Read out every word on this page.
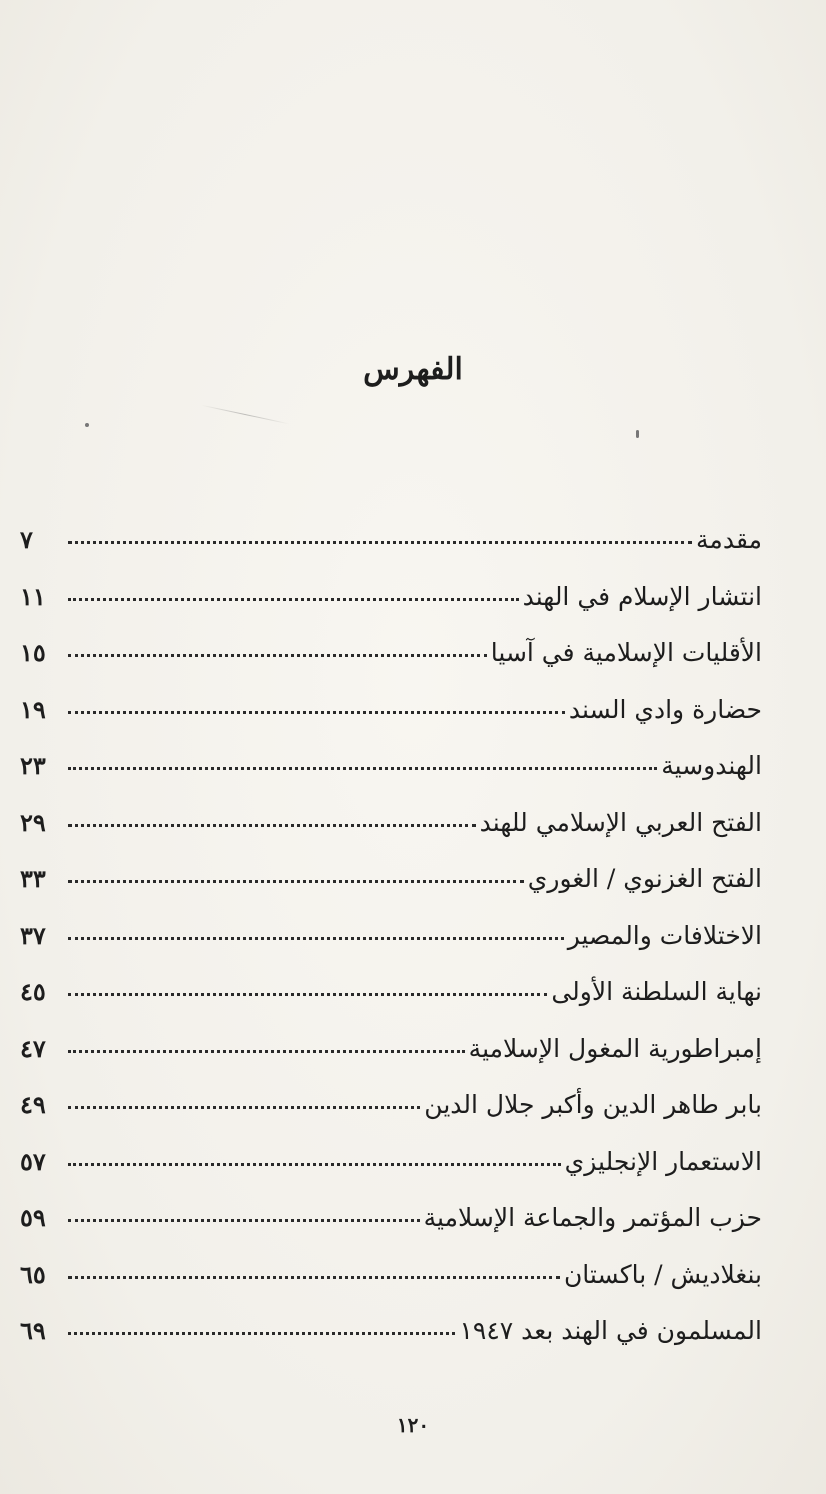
الفهرس
مقدمة
٧
انتشار الإسلام في الهند
١١
الأقليات الإسلامية في آسيا
١٥
حضارة وادي السند
١٩
الهندوسية
٢٣
الفتح العربي الإسلامي للهند
٢٩
الفتح الغزنوي / الغوري
٣٣
الاختلافات والمصير
٣٧
نهاية السلطنة الأولى
٤٥
إمبراطورية المغول الإسلامية
٤٧
بابر طاهر الدين وأكبر جلال الدين
٤٩
الاستعمار الإنجليزي
٥٧
حزب المؤتمر والجماعة الإسلامية
٥٩
بنغلاديش / باكستان
٦٥
المسلمون في الهند بعد ١٩٤٧
٦٩
١٢٠
